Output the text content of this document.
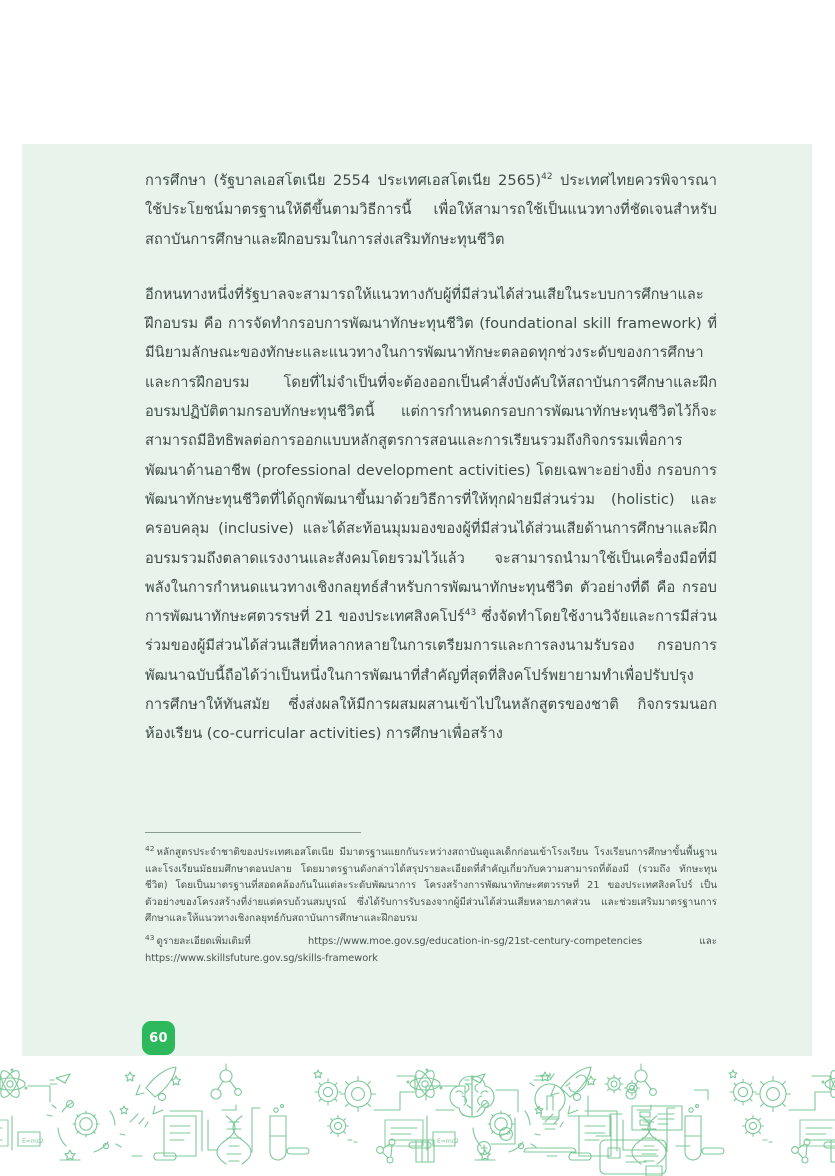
การศึกษา (รัฐบาลเอสโตเนีย 2554 ประเทศเอสโตเนีย 2565)$^{42}$ ประเทศไทยควรพิจารณาใช้ประโยชน์มาตรฐานให้ดีขึ้นตามวิธีการนี้ เพื่อให้สามารถใช้เป็นแนวทางที่ชัดเจนสำหรับสถาบันการศึกษาและฝึกอบรมในการส่งเสริมทักษะทุนชีวิต

อีกหนทางหนึ่งที่รัฐบาลจะสามารถให้แนวทางกับผู้ที่มีส่วนได้ส่วนเสียในระบบการศึกษาและฝึกอบรม คือ การจัดทำกรอบการพัฒนาทักษะทุนชีวิต (foundational skill framework) ที่มีนิยามลักษณะของทักษะและแนวทางในการพัฒนาทักษะตลอดทุกช่วงระดับของการศึกษาและการฝึกอบรม โดยที่ไม่จำเป็นที่จะต้องออกเป็นคำสั่งบังคับให้สถาบันการศึกษาและฝึกอบรมปฏิบัติตามกรอบทักษะทุนชีวิตนี้ แต่การกำหนดกรอบการพัฒนาทักษะทุนชีวิตไว้ก็จะสามารถมีอิทธิพลต่อการออกแบบหลักสูตรการสอนและการเรียนรวมถึงกิจกรรมเพื่อการพัฒนาด้านอาชีพ (professional development activities) โดยเฉพาะอย่างยิ่ง กรอบการพัฒนาทักษะทุนชีวิตที่ได้ถูกพัฒนาขึ้นมาด้วยวิธีการที่ให้ทุกฝ่ายมีส่วนร่วม (holistic) และครอบคลุม (inclusive) และได้สะท้อนมุมมองของผู้ที่มีส่วนได้ส่วนเสียด้านการศึกษาและฝึกอบรมรวมถึงตลาดแรงงานและสังคมโดยรวมไว้แล้ว จะสามารถนำมาใช้เป็นเครื่องมือที่มีพลังในการกำหนดแนวทางเชิงกลยุทธ์สำหรับการพัฒนาทักษะทุนชีวิต ตัวอย่างที่ดี คือ กรอบการพัฒนาทักษะศตวรรษที่ 21 ของประเทศสิงคโปร์$^{43}$ ซึ่งจัดทำโดยใช้งานวิจัยและการมีส่วนร่วมของผู้มีส่วนได้ส่วนเสียที่หลากหลายในการเตรียมการและการลงนามรับรอง กรอบการพัฒนาฉบับนี้ถือได้ว่าเป็นหนึ่งในการพัฒนาที่สำคัญที่สุดที่สิงคโปร์พยายามทำเพื่อปรับปรุงการศึกษาให้ทันสมัย ซึ่งส่งผลให้มีการผสมผสานเข้าไปในหลักสูตรของชาติ กิจกรรมนอกห้องเรียน (co-curricular activities) การศึกษาเพื่อสร้าง

$^{42}$ หลักสูตรประจำชาติของประเทศเอสโตเนีย มีมาตรฐานแยกกันระหว่างสถาบันดูแลเด็กก่อนเข้าโรงเรียน โรงเรียนการศึกษาขั้นพื้นฐาน และโรงเรียนมัธยมศึกษาตอนปลาย โดยมาตรฐานดังกล่าวได้สรุปรายละเอียดที่สำคัญเกี่ยวกับความสามารถที่ต้องมี (รวมถึง ทักษะทุนชีวิต) โดยเป็นมาตรฐานที่สอดคล้องกันในแต่ละระดับพัฒนาการ โครงสร้างการพัฒนาทักษะศตวรรษที่ 21 ของประเทศสิงคโปร์ เป็นตัวอย่างของโครงสร้างที่ง่ายแต่ครบถ้วนสมบูรณ์ ซึ่งได้รับการรับรองจากผู้มีส่วนได้ส่วนเสียหลายภาคส่วน และช่วยเสริมมาตรฐานการศึกษาและให้แนวทางเชิงกลยุทธ์กับสถาบันการศึกษาและฝึกอบรม

$^{43}$ ดูรายละเอียดเพิ่มเติมที่ https://www.moe.gov.sg/education-in-sg/21st-century-competencies และ https://www.skillsfuture.gov.sg/skills-framework

60
E=mc2
